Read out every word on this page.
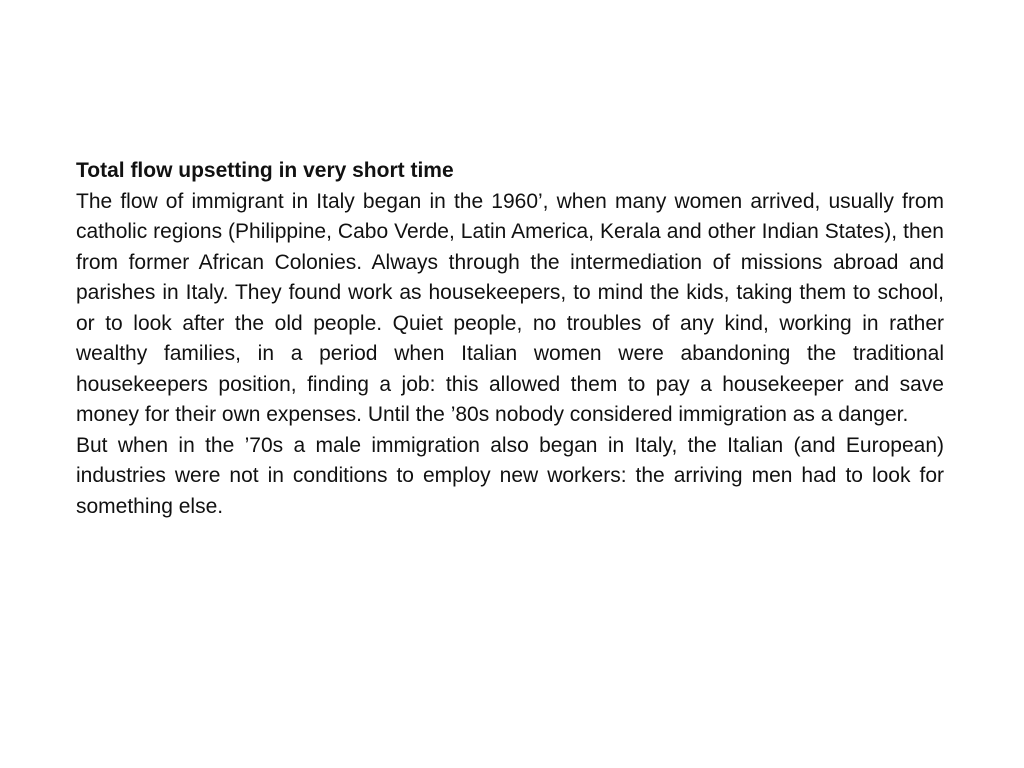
Total flow upsetting in very short time

The flow of immigrant in Italy began in the 1960’, when many women arrived, usually from catholic regions (Philippine, Cabo Verde, Latin America, Kerala and other Indian States), then from former African Colonies. Always through the intermediation of missions abroad and parishes in Italy. They found work as housekeepers, to mind the kids, taking them to school, or to look after the old people. Quiet people, no troubles of any kind, working in rather wealthy families, in a period when Italian women were abandoning the traditional housekeepers position, finding a job: this allowed them to pay a housekeeper and save money for their own expenses. Until the ’80s nobody considered immigration as a danger.

But when in the ’70s a male immigration also began in Italy, the Italian (and European) industries were not in conditions to employ new workers: the arriving men had to look for something else.
